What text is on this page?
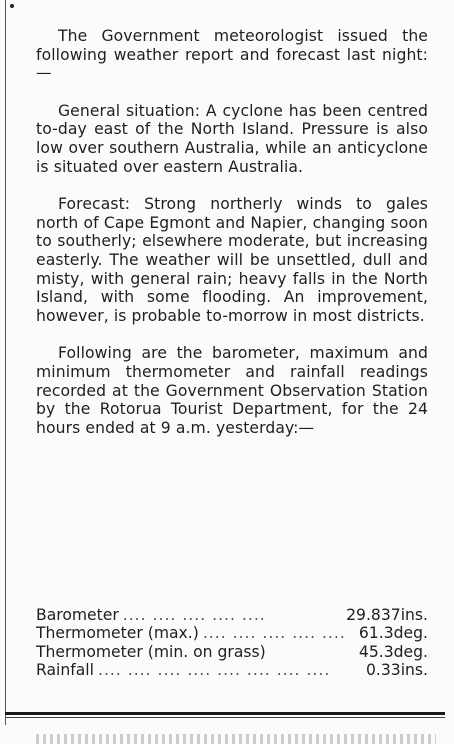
The Government meteorologist issued the following weather report and forecast last night:—

General situation: A cyclone has been centred to-day east of the North Island. Pressure is also low over southern Australia, while an anticyclone is situated over eastern Australia.

Forecast: Strong northerly winds to gales north of Cape Egmont and Napier, changing soon to southerly; elsewhere moderate, but increasing easterly. The weather will be unsettled, dull and misty, with general rain; heavy falls in the North Island, with some flooding. An improvement, however, is probable to-morrow in most districts.

Following are the barometer, maximum and minimum thermometer and rainfall readings recorded at the Government Observation Station by the Rotorua Tourist Department, for the 24 hours ended at 9 a.m. yesterday:—

Barometer .... .... .... .... ....	29.837ins.
Thermometer (max.) .... .... .... .... .... 61.3deg.
Thermometer (min. on grass)	45.3deg.
Rainfall .... .... .... .... .... .... .... ....	0.33ins.
